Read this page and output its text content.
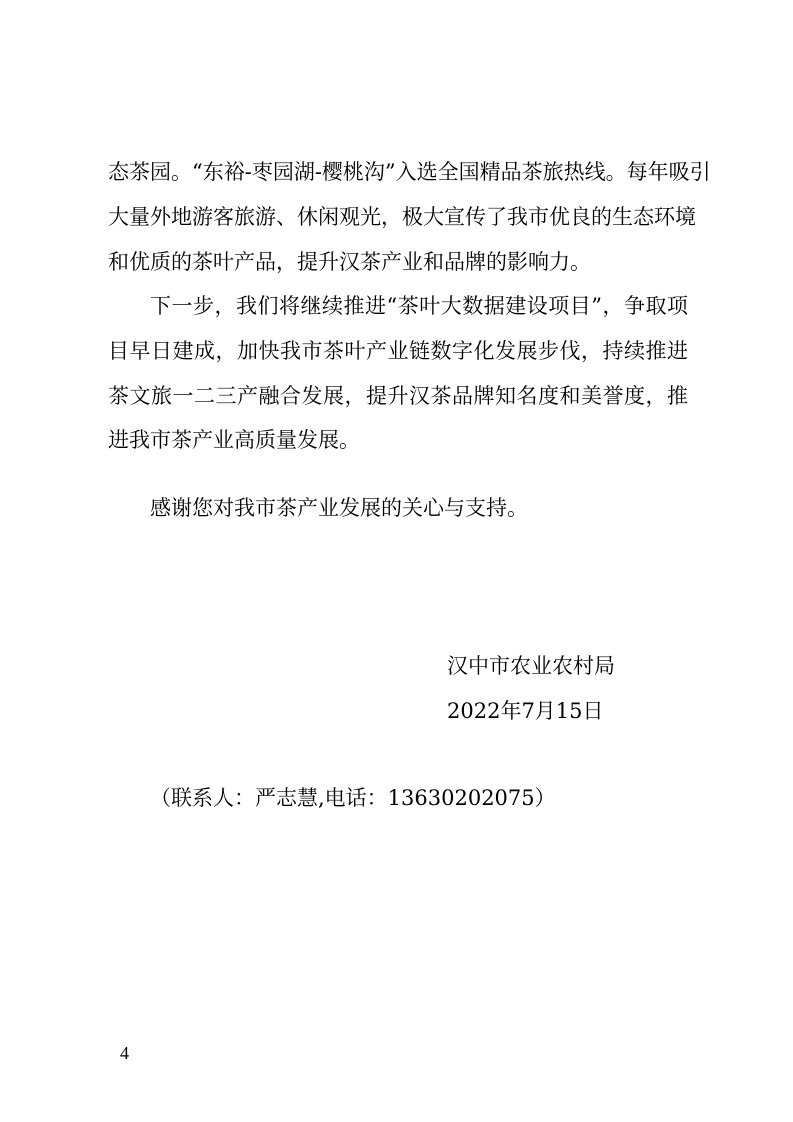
态茶园。“东裕-枣园湖-樱桃沟”入选全国精品茶旅热线。每年吸引
大量外地游客旅游、休闲观光，极大宣传了我市优良的生态环境
和优质的茶叶产品，提升汉茶产业和品牌的影响力。
下一步，我们将继续推进“茶叶大数据建设项目”，争取项
目早日建成，加快我市茶叶产业链数字化发展步伐，持续推进
茶文旅一二三产融合发展，提升汉茶品牌知名度和美誉度，推
进我市茶产业高质量发展。
感谢您对我市茶产业发展的关心与支持。
汉中市农业农村局
2022年7月15日
（联系人：严志慧,电话：13630202075）
4
